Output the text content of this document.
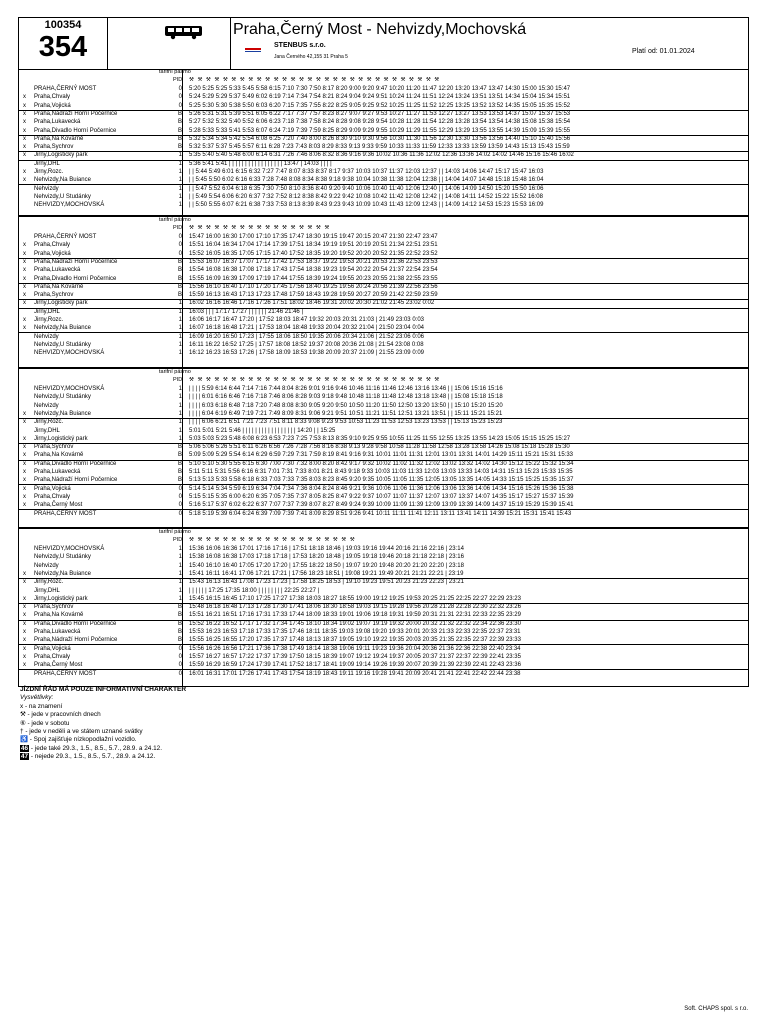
100354
354
Praha,Černý Most - Nehvizdy,Mochovská
STENBUS s.r.o.
Jana Černého 42,155 31 Praha 5
Platí od: 01.01.2024
tarifní pásmo
PID ⚒ ⚒ ⚒ ⚒ ⚒ ⚒ ⚒ ⚒ ⚒ ⚒ ⚒ ⚒ ⚒ ⚒ ⚒ ⚒ ⚒ ⚒ ⚒ ⚒ ⚒ ⚒ ⚒ ⚒ ⚒ ⚒ ⚒ ⚒ ⚒ ⚒
PRAHA,ČERNÝ MOST	0 5:20 5:25 5:25 5:33 5:45 5:58 6:15 7:10 7:30 7:50 8:17 8:20 9:00 9:20 9:47 10:20 11:20 11:47 12:20 13:20 13:47 13:47 14:30 15:00 15:30 15:47
x Praha,Chvaly	0 5:24 5:29 5:29 5:37 5:49 6:02 6:19 7:14 7:34 7:54 8:21 8:24 9:04 9:24 9:51 10:24 11:24 11:51 12:24 13:24 13:51 13:51 14:34 15:04 15:34 15:51
x Praha,Vojická	0 5:25 5:30 5:30 5:38 5:50 6:03 6:20 7:15 7:35 7:55 8:22 8:25 9:05 9:25 9:52 10:25 11:25 11:52 12:25 13:25 13:52 13:52 14:35 15:05 15:35 15:52
x Praha,Nádraží Horní Počernice	B 5:26 5:31 5:31 5:39 5:51 6:05 6:22 7:17 7:37 7:57 8:23 8:27 9:07 9:27 9:53 10:27 11:27 11:53 12:27 13:27 13:53 13:53 14:37 15:07 15:37 15:53
x Praha,Lukavecká	B 5:27 5:32 5:32 5:40 5:52 6:06 6:23 7:18 7:38 7:58 8:24 8:28 9:08 9:28 9:54 10:28 11:28 11:54 12:28 13:28 13:54 13:54 14:38 15:08 15:38 15:54
x Praha,Divadlo Horní Počernice	B 5:28 5:33 5:33 5:41 5:53 6:07 6:24 7:19 7:39 7:59 8:25 8:29 9:09 9:29 9:55 10:29 11:29 11:55 12:29 13:29 13:55 13:55 14:39 15:09 15:39 15:55
x Praha,Na Kovárně	B 5:32 5:34 5:34 5:42 5:54 6:08 6:25 7:20 7:40 8:00 8:26 8:30 9:10 9:30 9:56 10:30 11:30 11:56 12:30 13:30 13:56 13:56 14:40 15:10 15:40 15:56
x Praha,Sychrov	B 5:32 5:37 5:37 5:45 5:57 6:11 6:28 7:23 7:43 8:03 8:29 8:33 9:13 9:33 9:59 10:33 11:33 11:59 12:33 13:33 13:59 13:59 14:43 15:13 15:43 15:59
x Jirny,Logistický park	1 5:35 5:40 5:40 5:48 6:00 6:14 6:31 7:26 7:46 8:06 8:32 8:36 9:16 9:36 10:02 10:36 11:36 12:02 12:36 13:36 14:02 14:02 14:46 15:16 15:46 16:02
Jirny,DHL	1 5:36 5:41 5:41 | | | | | | | | | | | | | | | | | 13:47 | 14:03 | | | |
x Jirny,Rozc.	1 | | 5:44 5:49 6:01 6:15 6:32 7:27 7:47 8:07 8:33 8:37 8:17 9:37 10:03 10:37 11:37 12:03 12:37 | | 14:03 14:06 14:47 15:17 15:47 16:03
x Nehvizdy,Na Buiance	1 | | 5:45 5:50 6:02 6:16 6:33 7:28 7:48 8:08 8:34 8:38 9:18 9:38 10:04 10:38 11:38 12:04 12:38 | | 14:04 14:07 14:48 15:18 15:48 16:04
Nehvizdy	1 | | 5:47 5:52 6:04 6:18 6:35 7:30 7:50 8:10 8:36 8:40 9:20 9:40 10:06 10:40 11:40 12:06 12:40 | | 14:06 14:09 14:50 15:20 15:50 16:06
Nehvizdy,U Studánky	1 | | 5:49 5:54 6:06 6:20 6:37 7:32 7:52 8:12 8:38 8:42 9:22 9:42 10:08 10:42 11:42 12:08 12:42 | | 14:08 14:11 14:52 15:22 15:52 16:08
NEHVIZDY,MOCHOVSKÁ	1 | | 5:50 5:55 6:07 6:21 6:38 7:33 7:53 8:13 8:39 8:43 9:23 9:43 10:09 10:43 11:43 12:09 12:43 | | 14:09 14:12 14:53 15:23 15:53 16:09
tarifní pásmo
PID ⚒ ⚒ ⚒ ⚒ ⚒ ⚒ ⚒ ⚒ ⚒ ⚒ ⚒ ⚒ ⚒ ⚒ ⚒ ⚒ ⚒
PRAHA,ČERNÝ MOST	0 15:47 16:00 16:30 17:00 17:10 17:35 17:47 18:30 19:15 19:47 20:15 20:47 21:30 22:47 23:47
x Praha,Chvaly	0 15:51 16:04 16:34 17:04 17:14 17:39 17:51 18:34 19:19 19:51 20:19 20:51 21:34 22:51 23:51
x Praha,Vojická	0 15:52 16:05 16:35 17:05 17:15 17:40 17:52 18:35 19:20 19:52 20:20 20:52 21:35 22:52 23:52
x Praha,Nádraží Horní Počernice	B 15:53 16:07 16:37 17:07 17:17 17:42 17:53 18:37 19:22 19:53 20:21 20:53 21:36 22:53 23:53
x Praha,Lukavecká	B 15:54 16:08 16:38 17:08 17:18 17:43 17:54 18:38 19:23 19:54 20:22 20:54 21:37 22:54 23:54
x Praha,Divadlo Horní Počernice	B 15:55 16:09 16:39 17:09 17:19 17:44 17:55 18:39 19:24 19:55 20:23 20:55 21:38 22:55 23:55
x Praha,Na Kovárně	B 15:56 16:10 16:40 17:10 17:20 17:45 17:56 18:40 19:25 19:56 20:24 20:56 21:39 22:56 23:56
x Praha,Sychrov	B 15:59 16:13 16:43 17:13 17:23 17:48 17:59 18:43 19:28 19:59 20:27 20:59 21:42 22:59 23:59
x Jirny,Logistický park	1 16:02 16:16 16:46 17:16 17:26 17:51 18:02 18:46 19:31 20:02 20:30 21:02 21:45 23:02 0:02
Jirny,DHL	1 16:03 | | | 17:17 17:27 | | | | | | 21:46 21:46 |
x Jirny,Rozc.	1 16:06 16:17 16:47 17:20 | 17:52 18:03 18:47 19:32 20:03 20:31 21:03 | 21:49 23:03 0:03
x Nehvizdy,Na Buiance	1 16:07 16:18 16:48 17:21 | 17:53 18:04 18:48 19:33 20:04 20:32 21:04 | 21:50 23:04 0:04
Nehvizdy	1 16:09 16:20 16:50 17:23 | 17:55 18:06 18:50 19:35 20:06 20:34 21:06 | 21:52 23:06 0:06
Nehvizdy,U Studánky	1 16:11 16:22 16:52 17:25 | 17:57 18:08 18:52 19:37 20:08 20:36 21:08 | 21:54 23:08 0:08
NEHVIZDY,MOCHOVSKÁ	1 16:12 16:23 16:53 17:26 | 17:58 18:09 18:53 19:38 20:09 20:37 21:09 | 21:55 23:09 0:09
tarifní pásmo
PID ⚒ ⚒ ⚒ ⚒ ⚒ ⚒ ⚒ ⚒ ⚒ ⚒ ⚒ ⚒ ⚒ ⚒ ⚒ ⚒ ⚒ ⚒ ⚒ ⚒ ⚒ ⚒ ⚒ ⚒ ⚒ ⚒ ⚒ ⚒ ⚒ ⚒
NEHVIZDY,MOCHOVSKÁ	1 | | | | 5:59 6:14 6:44 7:14 7:16 7:44 8:04 8:26 9:01 9:16 9:46 10:46 11:16 11:46 12:46 13:16 13:46 | | 15:06 15:16 15:16
Nehvizdy,U Studánky	1 | | | | 6:01 6:16 6:46 7:16 7:18 7:46 8:06 8:28 9:03 9:18 9:48 10:48 11:18 11:48 12:48 13:18 13:48 | | 15:08 15:18 15:18
Nehvizdy	1 | | | | 6:03 6:18 6:48 7:18 7:20 7:48 8:08 8:30 9:05 9:20 9:50 10:50 11:20 11:50 12:50 13:20 13:50 | | 15:10 15:20 15:20
x Nehvizdy,Na Buiance	1 | | | | 6:04 6:19 6:49 7:19 7:21 7:49 8:09 8:31 9:06 9:21 9:51 10:51 11:21 11:51 12:51 13:21 13:51 | | 15:11 15:21 15:21
x Jirny,Rozc.	1 | | | | 6:06 6:21 6:51 7:21 7:23 7:51 8:11 8:33 9:08 9:23 9:53 10:53 11:23 11:53 12:53 13:23 13:53 | | 15:13 15:23 15:23
Jirny,DHL	1 5:01 5:01 5:21 5:46 | | | | | | | | | | | | | | | | | 14:20 | | 15:25
x Jirny,Logistický park	1 5:03 5:03 5:23 5:48 6:08 6:23 6:53 7:23 7:25 7:53 8:13 8:35 9:10 9:25 9:55 10:55 11:25 11:55 12:55 13:25 13:55 14:23 15:05 15:15 15:25 15:27
x Praha,Sychrov	B 5:06 5:06 5:26 5:51 6:11 6:26 6:56 7:26 7:28 7:56 8:16 8:38 9:13 9:28 9:58 10:58 11:28 11:58 12:58 13:28 13:58 14:26 15:08 15:18 15:28 15:30
x Praha,Na Kovárně	B 5:09 5:09 5:29 5:54 6:14 6:29 6:59 7:29 7:31 7:59 8:19 8:41 9:16 9:31 10:01 11:01 11:31 12:01 13:01 13:31 14:01 14:29 15:11 15:21 15:31 15:33
x Praha,Divadlo Horní Počernice	B 5:10 5:10 5:30 5:55 6:15 6:30 7:00 7:30 7:32 8:00 8:20 8:42 9:17 9:32 10:02 11:02 11:32 12:02 13:02 13:32 14:02 14:30 15:12 15:22 15:32 15:34
x Praha,Lukavecká	B 5:11 5:11 5:31 5:56 6:16 6:31 7:01 7:31 7:33 8:01 8:21 8:43 9:18 9:33 10:03 11:03 11:33 12:03 13:03 13:33 14:03 14:31 15:13 15:23 15:33 15:35
x Praha,Nádraží Horní Počernice	B 5:13 5:13 5:33 5:58 6:18 6:33 7:03 7:33 7:35 8:03 8:23 8:45 9:20 9:35 10:05 11:05 11:35 12:05 13:05 13:35 14:05 14:33 15:15 15:25 15:35 15:37
x Praha,Vojická	0 5:14 5:14 5:34 5:59 6:19 6:34 7:04 7:34 7:36 8:04 8:24 8:46 9:21 9:36 10:06 11:06 11:36 12:06 13:06 13:36 14:06 14:34 15:16 15:26 15:36 15:38
x Praha,Chvaly	0 5:15 5:15 5:35 6:00 6:20 6:35 7:05 7:35 7:37 8:05 8:25 8:47 9:22 9:37 10:07 11:07 11:37 12:07 13:07 13:37 14:07 14:35 15:17 15:27 15:37 15:39
x Praha,Černý Most	0 5:16 5:17 5:37 6:02 6:22 6:37 7:07 7:37 7:39 8:07 8:27 8:49 9:24 9:39 10:09 11:09 11:39 12:09 13:09 13:39 14:09 14:37 15:19 15:29 15:39 15:41
PRAHA,ČERNÝ MOST	0 5:18 5:19 5:39 6:04 6:24 6:39 7:09 7:39 7:41 8:09 8:29 8:51 9:26 9:41 10:11 11:11 11:41 12:11 13:11 13:41 14:11 14:39 15:21 15:31 15:41 15:43
tarifní pásmo
PID ⚒ ⚒ ⚒ ⚒ ⚒ ⚒ ⚒ ⚒ ⚒ ⚒ ⚒ ⚒ ⚒ ⚒ ⚒ ⚒ ⚒ ⚒ ⚒ ⚒
NEHVIZDY,MOCHOVSKÁ	1 15:36 16:06 16:36 17:01 17:16 17:16 | 17:51 18:18 18:46 | 19:03 19:16 19:44 20:16 21:16 22:16 | 23:14
Nehvizdy,U Studánky	1 15:38 16:08 16:38 17:03 17:18 17:18 | 17:53 18:20 18:48 | 19:05 19:18 19:46 20:18 21:18 22:18 | 23:16
Nehvizdy	1 15:40 16:10 16:40 17:05 17:20 17:20 | 17:55 18:22 18:50 | 19:07 19:20 19:48 20:20 21:20 22:20 | 23:18
x Nehvizdy,Na Buiance	1 15:41 16:11 16:41 17:06 17:21 17:21 | 17:56 18:23 18:51 | 19:08 19:21 19:49 20:21 21:21 22:21 | 23:19
x Jirny,Rozc.	1 15:43 16:13 16:43 17:08 17:23 17:23 | 17:58 18:25 18:53 | 19:10 19:23 19:51 20:23 21:23 22:23 | 23:21
Jirny,DHL	1 | | | | | | 17:25 17:35 18:00 | | | | | | | | 22:25 22:27 |
x Jirny,Logistický park	1 15:45 16:15 16:45 17:10 17:25 17:27 17:38 18:03 18:27 18:55 19:00 19:12 19:25 19:53 20:25 21:25 22:25 22:27 22:29 23:23
x Praha,Sychrov	B 15:48 16:18 16:48 17:13 17:28 17:30 17:41 18:06 18:30 18:58 19:03 19:15 19:28 19:56 20:28 21:28 22:28 22:30 22:32 23:26
x Praha,Na Kovárně	B 15:51 16:21 16:51 17:16 17:31 17:33 17:44 18:09 18:33 19:01 19:06 19:18 19:31 19:59 20:31 21:31 22:31 22:33 22:35 23:29
x Praha,Divadlo Horní Počernice	B 15:52 16:22 16:52 17:17 17:32 17:34 17:45 18:10 18:34 19:02 19:07 19:19 19:32 20:00 20:32 21:32 22:32 22:34 22:36 23:30
x Praha,Lukavecká	B 15:53 16:23 16:53 17:18 17:33 17:35 17:46 18:11 18:35 19:03 19:08 19:20 19:33 20:01 20:33 21:33 22:33 22:35 22:37 23:31
x Praha,Nádraží Horní Počernice	B 15:55 16:25 16:55 17:20 17:35 17:37 17:48 18:13 18:37 19:05 19:10 19:22 19:35 20:03 20:35 21:35 22:35 22:37 22:39 23:33
x Praha,Vojická	0 15:56 16:26 16:56 17:21 17:36 17:38 17:49 18:14 18:38 19:06 19:11 19:23 19:36 20:04 20:36 21:36 22:36 22:38 22:40 23:34
x Praha,Chvaly	0 15:57 16:27 16:57 17:22 17:37 17:39 17:50 18:15 18:39 19:07 19:12 19:24 19:37 20:05 20:37 21:37 22:37 22:39 22:41 23:35
x Praha,Černý Most	0 15:59 16:29 16:59 17:24 17:39 17:41 17:52 18:17 18:41 19:09 19:14 19:26 19:39 20:07 20:39 21:39 22:39 22:41 22:43 23:36
PRAHA,ČERNÝ MOST	0 16:01 16:31 17:01 17:26 17:41 17:43 17:54 18:19 18:43 19:11 19:16 19:28 19:41 20:09 20:41 21:41 22:41 22:42 22:44 23:38
JÍZDNÍ ŘÁD MÁ POUZE INFORMATIVNÍ CHARAKTER
Vysvětlivky:
x - na znamení
⚒ - jede v pracovních dnech
⑥ - jede v sobotu
† - jede v neděli a ve státem uznané svátky
♿ - Spoj zajišťuje nízkopodlažní vozidlo.
46 - jede také 29.3., 1.5., 8.5., 5.7., 28.9. a 24.12.
47 - nejede 29.3., 1.5., 8.5., 5.7., 28.9. a 24.12.
Soft. CHAPS spol. s r.o.
